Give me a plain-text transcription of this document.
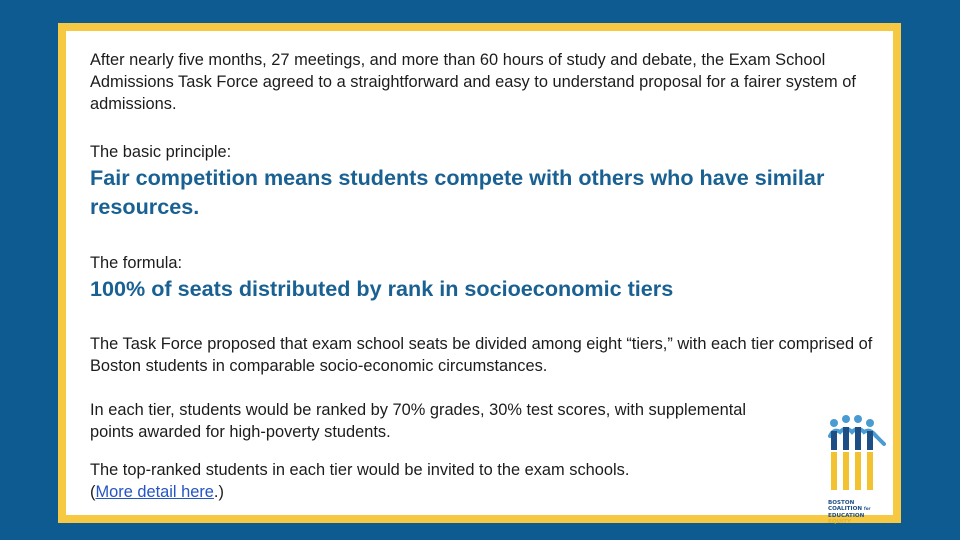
After nearly five months, 27 meetings, and more than 60 hours of study and debate, the Exam School Admissions Task Force agreed to a straightforward and easy to understand proposal for a fairer system of admissions.

The basic principle:

Fair competition means students compete with others who have similar resources.

The formula:

100% of seats distributed by rank in socioeconomic tiers

The Task Force proposed that exam school seats be divided among eight “tiers,” with each tier comprised of Boston students in comparable socio-economic circumstances.

In each tier, students would be ranked by 70% grades, 30% test scores, with supplemental points awarded for high-poverty students.

The top-ranked students in each tier would be invited to the exam schools.
(More detail here.)

BOSTON
COALITION for
EDUCATION
EQUITY
